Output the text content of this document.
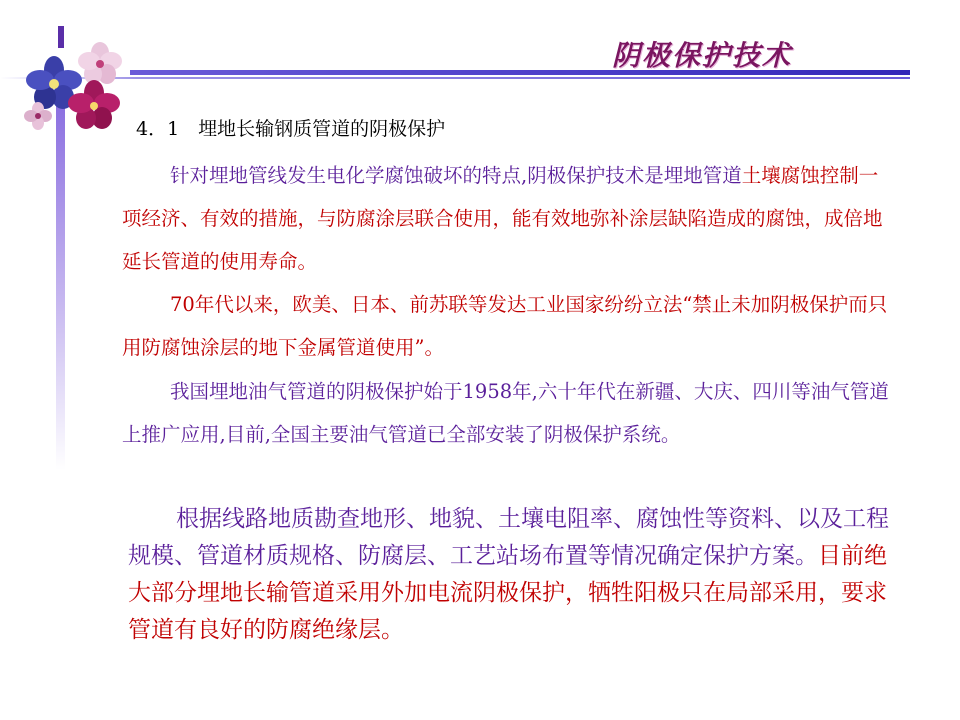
阴极保护技术
4．1　埋地长输钢质管道的阴极保护

针对埋地管线发生电化学腐蚀破坏的特点,阴极保护技术是埋地管道土壤腐蚀控制一项经济、有效的措施，与防腐涂层联合使用，能有效地弥补涂层缺陷造成的腐蚀，成倍地延长管道的使用寿命。

70年代以来，欧美、日本、前苏联等发达工业国家纷纷立法“禁止未加阴极保护而只用防腐蚀涂层的地下金属管道使用”。

我国埋地油气管道的阴极保护始于1958年,六十年代在新疆、大庆、四川等油气管道上推广应用,目前,全国主要油气管道已全部安装了阴极保护系统。

根据线路地质勘查地形、地貌、土壤电阻率、腐蚀性等资料、以及工程规模、管道材质规格、防腐层、工艺站场布置等情况确定保护方案。目前绝大部分埋地长输管道采用外加电流阴极保护，牺牲阳极只在局部采用，要求管道有良好的防腐绝缘层。
